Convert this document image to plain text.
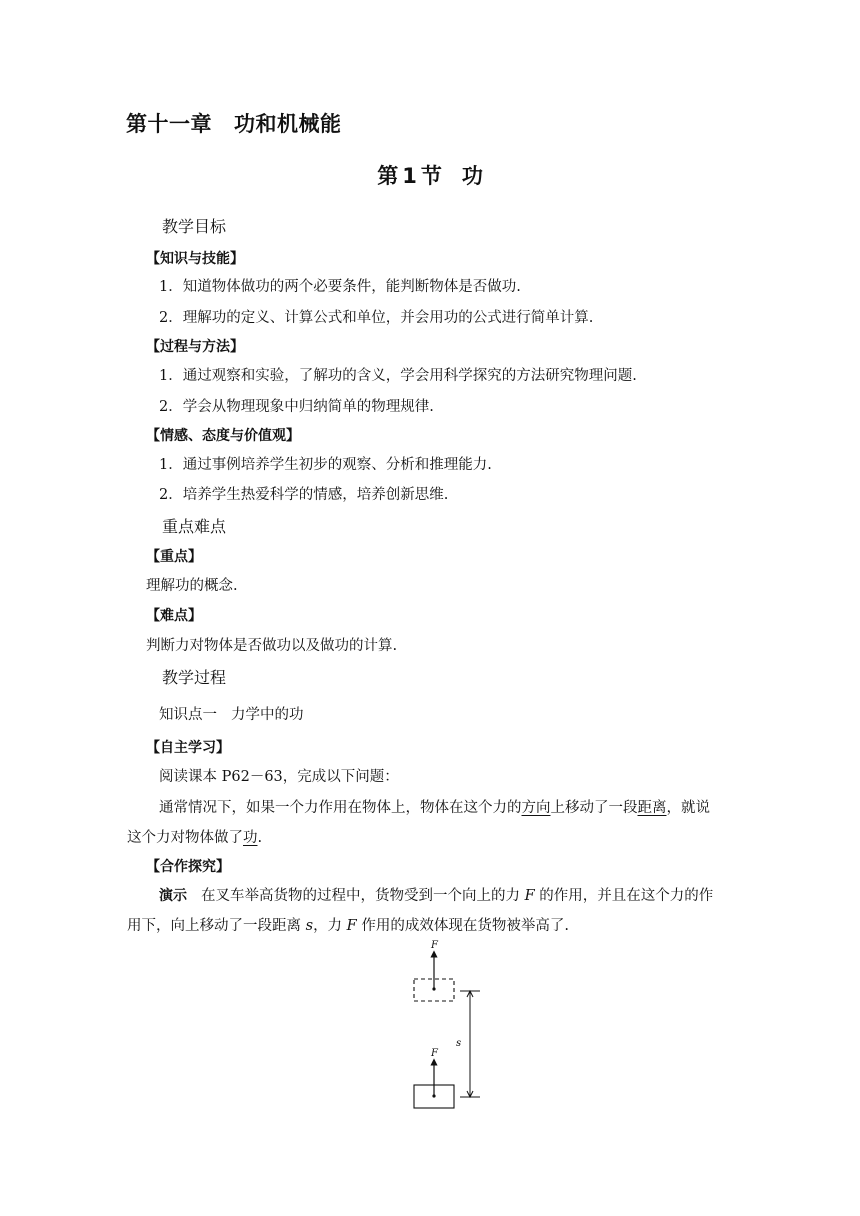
第十一章 功和机械能
第 1 节 功
教学目标
【知识与技能】
1．知道物体做功的两个必要条件，能判断物体是否做功.
2．理解功的定义、计算公式和单位，并会用功的公式进行简单计算.
【过程与方法】
1．通过观察和实验，了解功的含义，学会用科学探究的方法研究物理问题.
2．学会从物理现象中归纳简单的物理规律.
【情感、态度与价值观】
1．通过事例培养学生初步的观察、分析和推理能力.
2．培养学生热爱科学的情感，培养创新思维.
重点难点
【重点】
理解功的概念.
【难点】
判断力对物体是否做功以及做功的计算.
教学过程
知识点一 力学中的功
【自主学习】
阅读课本 P62－63，完成以下问题：
通常情况下，如果一个力作用在物体上，物体在这个力的方向上移动了一段距离，就说
这个力对物体做了功.
【合作探究】
演示 在叉车举高货物的过程中，货物受到一个向上的力 F 的作用，并且在这个力的作
用下，向上移动了一段距离 s，力 F 作用的成效体现在货物被举高了.
F
F
s
